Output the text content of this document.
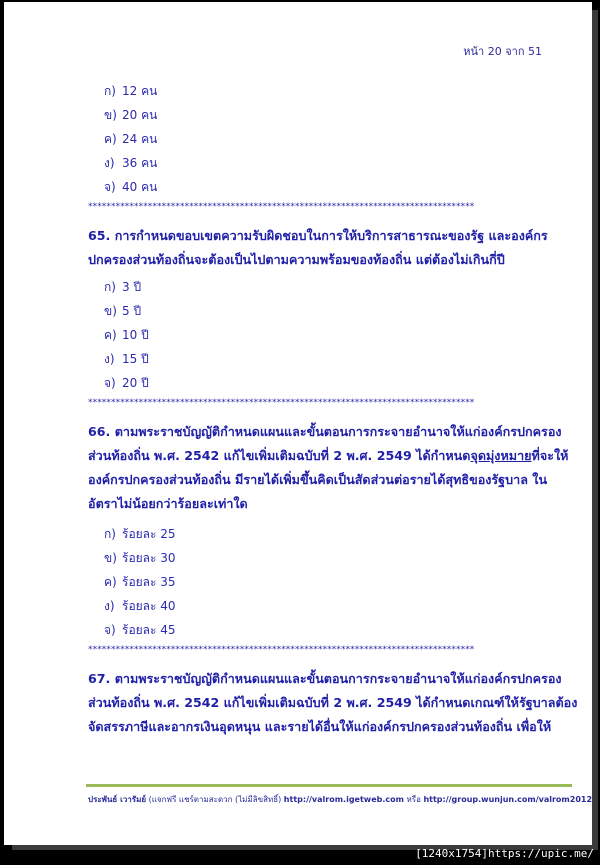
หน้า 20 จาก 51
ก) 12 คน
ข) 20 คน
ค) 24 คน
ง) 36 คน
จ) 40 คน
************************************************************************************
65. การกำหนดขอบเขตความรับผิดชอบในการให้บริการสาธารณะของรัฐ และองค์กร
ปกครองส่วนท้องถิ่นจะต้องเป็นไปตามความพร้อมของท้องถิ่น แต่ต้องไม่เกินกี่ปี
ก) 3 ปี
ข) 5 ปี
ค) 10 ปี
ง) 15 ปี
จ) 20 ปี
************************************************************************************
66. ตามพระราชบัญญัติกำหนดแผนและขั้นตอนการกระจายอำนาจให้แก่องค์กรปกครอง
ส่วนท้องถิ่น พ.ศ. 2542 แก้ไขเพิ่มเติมฉบับที่ 2 พ.ศ. 2549 ได้กำหนดจุดมุ่งหมายที่จะให้
องค์กรปกครองส่วนท้องถิ่น มีรายได้เพิ่มขึ้นคิดเป็นสัดส่วนต่อรายได้สุทธิของรัฐบาล ใน
อัตราไม่น้อยกว่าร้อยละเท่าใด
ก) ร้อยละ 25
ข) ร้อยละ 30
ค) ร้อยละ 35
ง) ร้อยละ 40
จ) ร้อยละ 45
************************************************************************************
67. ตามพระราชบัญญัติกำหนดแผนและขั้นตอนการกระจายอำนาจให้แก่องค์กรปกครอง
ส่วนท้องถิ่น พ.ศ. 2542 แก้ไขเพิ่มเติมฉบับที่ 2 พ.ศ. 2549 ได้กำหนดเกณฑ์ให้รัฐบาลต้อง
จัดสรรภาษีและอากรเงินอุดหนุน และรายได้อื่นให้แก่องค์กรปกครองส่วนท้องถิ่น เพื่อให้
ประพันธ์ เวารัมย์ (แจกฟรี แชร์ตามสะดวก (ไม่มีลิขสิทธิ์) http://valrom.igetweb.com หรือ http://group.wunjun.com/valrom2012
[1240x1754]https://upic.me/
